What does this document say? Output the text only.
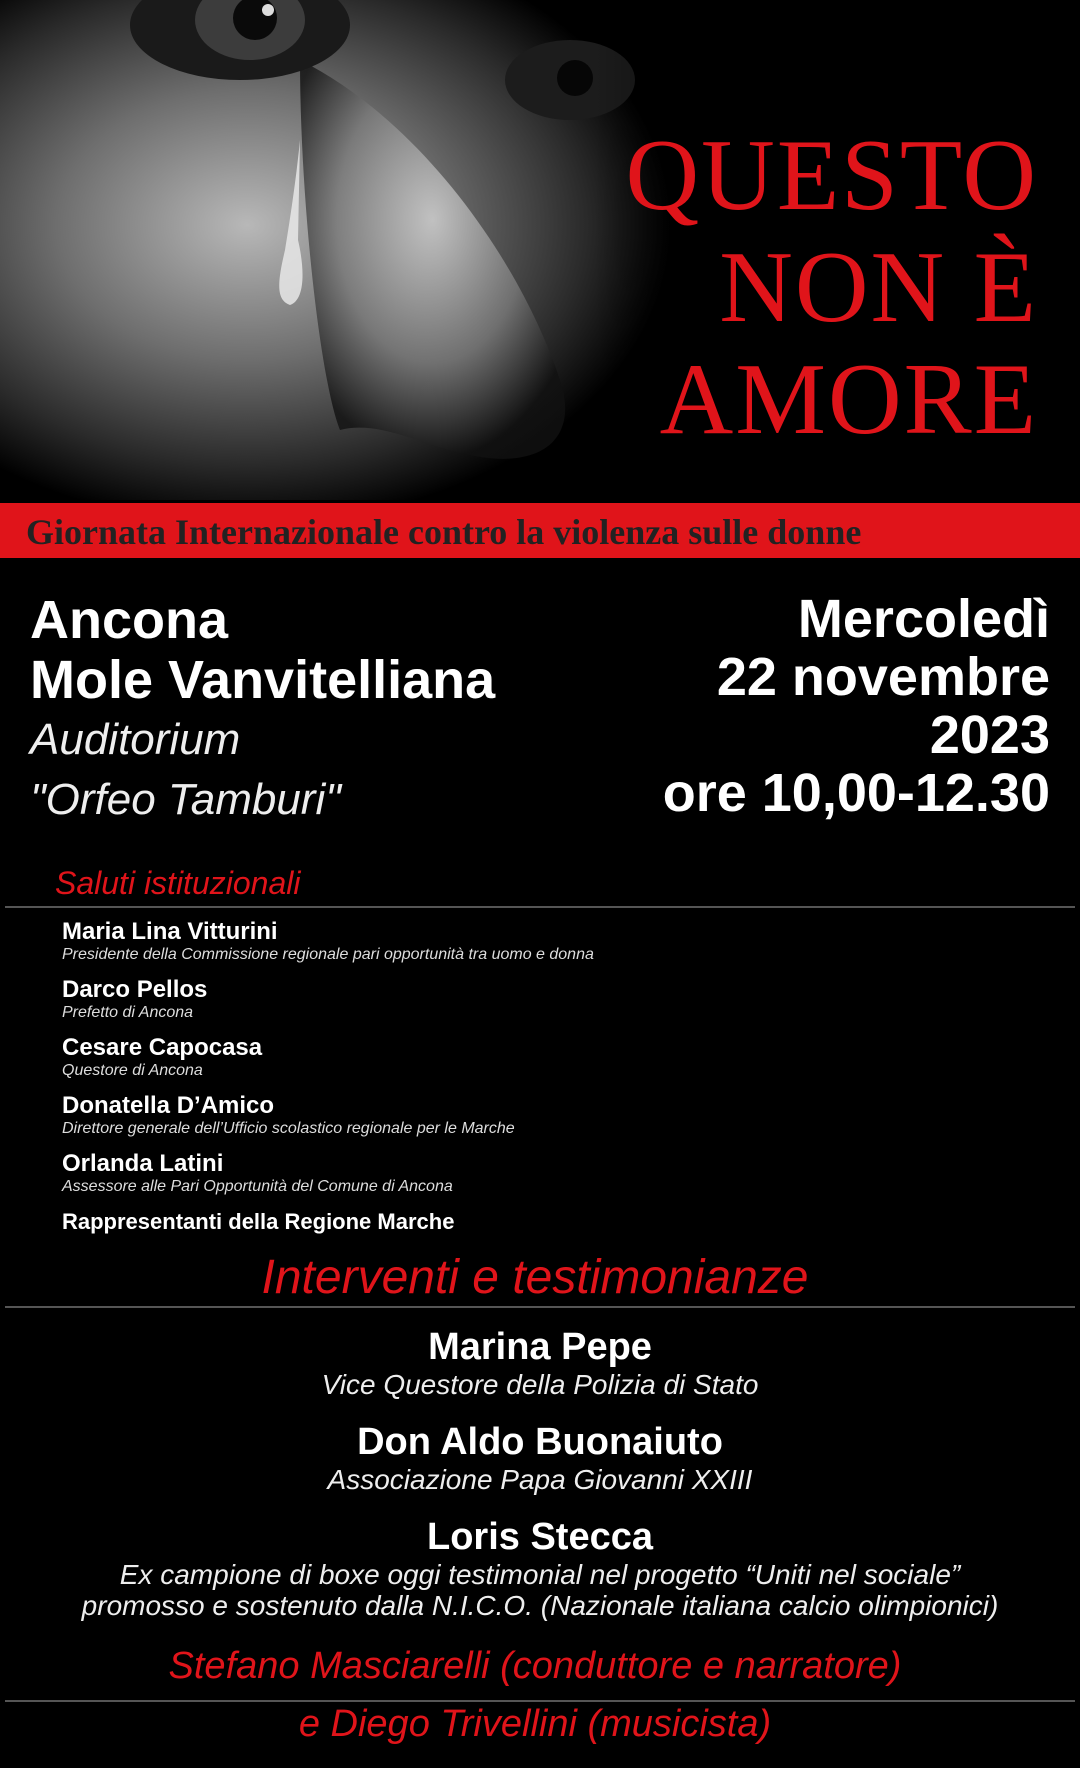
QUESTO
NON È
AMORE
Giornata Internazionale contro la violenza sulle donne
Ancona
Mole Vanvitelliana
Auditorium
"Orfeo Tamburi"
Mercoledì
22 novembre
2023
ore 10,00-12.30
Saluti istituzionali
Maria Lina Vitturini
Presidente della Commissione regionale pari opportunità tra uomo e donna
Darco Pellos
Prefetto di Ancona
Cesare Capocasa
Questore di Ancona
Donatella D’Amico
Direttore generale dell’Ufficio scolastico regionale per le Marche
Orlanda Latini
Assessore alle Pari Opportunità del Comune di Ancona
Rappresentanti della Regione Marche
Interventi e testimonianze
Marina Pepe
Vice Questore della Polizia di Stato
Don Aldo Buonaiuto
Associazione Papa Giovanni XXIII
Loris Stecca
Ex campione di boxe oggi testimonial nel progetto “Uniti nel sociale”
promosso e sostenuto dalla N.I.C.O. (Nazionale italiana calcio olimpionici)
Stefano Masciarelli (conduttore e narratore)
e Diego Trivellini (musicista)
